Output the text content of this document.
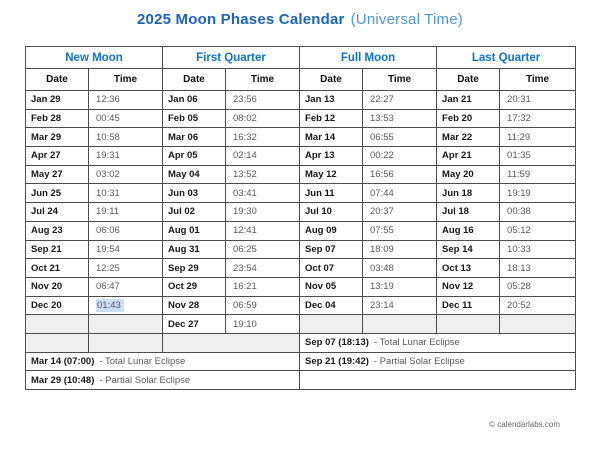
2025 Moon Phases Calendar (Universal Time)
New Moon		First Quarter		Full Moon		Last Quarter	
Date	Time	Date	Time	Date	Time	Date	Time
Jan 29	12:36	Jan 06	23:56	Jan 13	22:27	Jan 21	20:31
Feb 28	00:45	Feb 05	08:02	Feb 12	13:53	Feb 20	17:32
Mar 29	10:58	Mar 06	16:32	Mar 14	06:55	Mar 22	11:29
Apr 27	19:31	Apr 05	02:14	Apr 13	00:22	Apr 21	01:35
May 27	03:02	May 04	13:52	May 12	16:56	May 20	11:59
Jun 25	10:31	Jun 03	03:41	Jun 11	07:44	Jun 18	19:19
Jul 24	19:11	Jul 02	19:30	Jul 10	20:37	Jul 18	00:38
Aug 23	06:06	Aug 01	12:41	Aug 09	07:55	Aug 16	05:12
Sep 21	19:54	Aug 31	06:25	Sep 07	18:09	Sep 14	10:33
Oct 21	12:25	Sep 29	23:54	Oct 07	03:48	Oct 13	18:13
Nov 20	06:47	Oct 29	16:21	Nov 05	13:19	Nov 12	05:28
Dec 20	01:43	Nov 28	06:59	Dec 04	23:14	Dec 11	20:52
		Dec 27	19:10				
				Sep 07 (18:13) - Total Lunar Eclipse			
Mar 14 (07:00) - Total Lunar Eclipse				Sep 21 (19:42) - Partial Solar Eclipse			
Mar 29 (10:48) - Partial Solar Eclipse							
© calendarlabs.com
